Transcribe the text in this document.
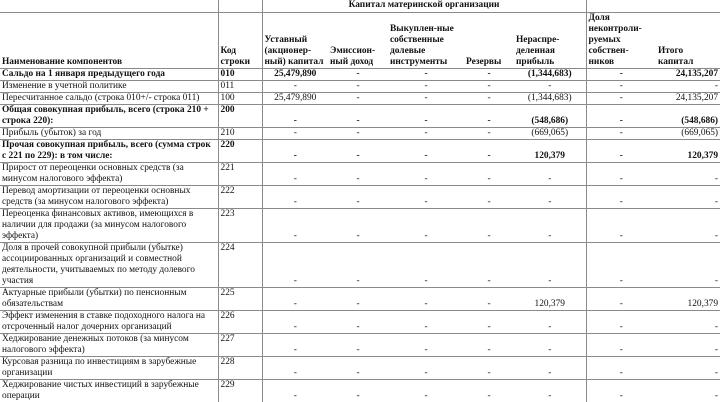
		Капитал материнской организации						
Наименование компонентов	Код строки	Уставный (акционер-ный) капитал	Эмиссион-ный доход	Выкуплен-ные собственные долевые инструменты	Резервы	Нераспре-деленная прибыль	Доля неконтроли-руемых собствен-ников	Итого капитал
Сальдо на 1 января предыдущего года	010	25,479,890	-	-	-	(1,344,683)	-	24,135,207
Изменение в учетной политике	011	-	-	-	-	-	-	-
Пересчитанное сальдо (строка 010+/- строка 011)	100	25,479,890	-	-	-	(1,344,683)	-	24,135,207
Общая совокупная прибыль, всего (строка 210 + строка 220):	200	-	-	-	-	(548,686)	-	(548,686)
Прибыль (убыток) за год	210	-	-	-	-	(669,065)	-	(669,065)
Прочая совокупная прибыль, всего (сумма строк с 221 по 229): в том числе:	220	-	-	-	-	120,379	-	120,379
Прирост от переоценки основных средств (за минусом налогового эффекта)	221	-	-	-	-	-	-	-
Перевод амортизации от переоценки основных средств (за минусом налогового эффекта)	222	-	-	-	-	-	-	-
Переоценка финансовых активов, имеющихся в наличии для продажи (за минусом налогового эффекта)	223	-	-	-	-	-	-	-
Доля в прочей совокупной прибыли (убытке) ассоциированных организаций и совместной деятельности, учитываемых по методу долевого участия	224	-	-	-	-	-	-	-
Актуарные прибыли (убытки) по пенсионным обязательствам	225	-	-	-	-	120,379	-	120,379
Эффект изменения в ставке подоходного налога на отсроченный налог дочерних организаций	226	-	-	-	-	-	-	-
Хеджирование денежных потоков (за минусом налогового эффекта)	227	-	-	-	-	-	-	-
Курсовая разница по инвестициям в зарубежные организации	228	-	-	-	-	-	-	-
Хеджирование чистых инвестиций в зарубежные операции	229	-	-	-	-	-	-	-
